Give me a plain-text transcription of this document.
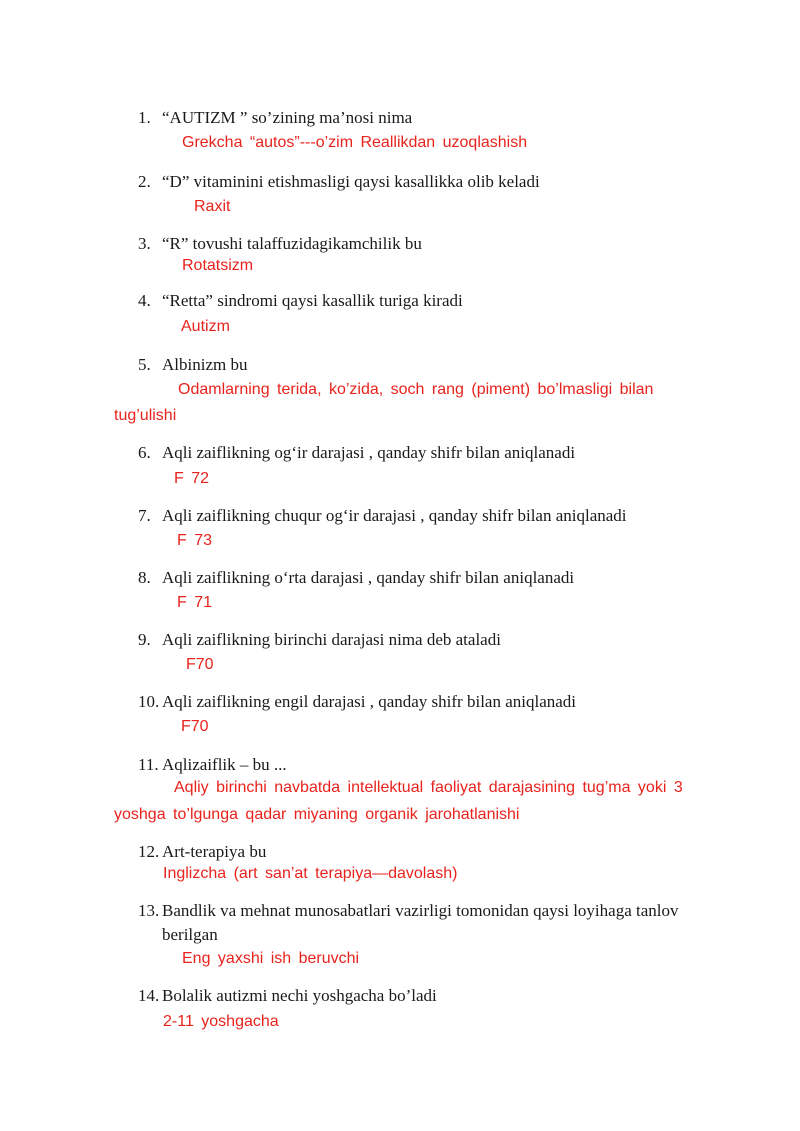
1. “AUTIZM ” so’zining ma’nosi nima
Grekcha “autos”---o’zim Reallikdan uzoqlashish
2. “D” vitaminini etishmasligi qaysi kasallikka olib keladi
Raxit
3. “R” tovushi talaffuzidagikamchilik bu
Rotatsizm
4. “Retta” sindromi qaysi kasallik turiga kiradi
Autizm
5. Albinizm bu
Odamlarning terida, ko’zida, soch rang (piment) bo’lmasligi bilan
tug’ulishi
6. Aqli zaiflikning og‘ir darajasi , qanday shifr bilan aniqlanadi
F 72
7. Aqli zaiflikning chuqur og‘ir darajasi , qanday shifr bilan aniqlanadi
F 73
8. Aqli zaiflikning o‘rta darajasi , qanday shifr bilan aniqlanadi
F 71
9. Aqli zaiflikning birinchi darajasi nima deb ataladi
F70
10. Aqli zaiflikning engil darajasi , qanday shifr bilan aniqlanadi
F70
11. Aqlizaiflik – bu ...
Aqliy birinchi navbatda intellektual faoliyat darajasining tug’ma yoki 3
yoshga to’lgunga qadar miyaning organik jarohatlanishi
12. Art-terapiya bu
Inglizcha (art san’at terapiya—davolash)
13. Bandlik va mehnat munosabatlari vazirligi tomonidan qaysi loyihaga tanlov berilgan
Eng yaxshi ish beruvchi
14. Bolalik autizmi nechi yoshgacha bo’ladi
2-11 yoshgacha
